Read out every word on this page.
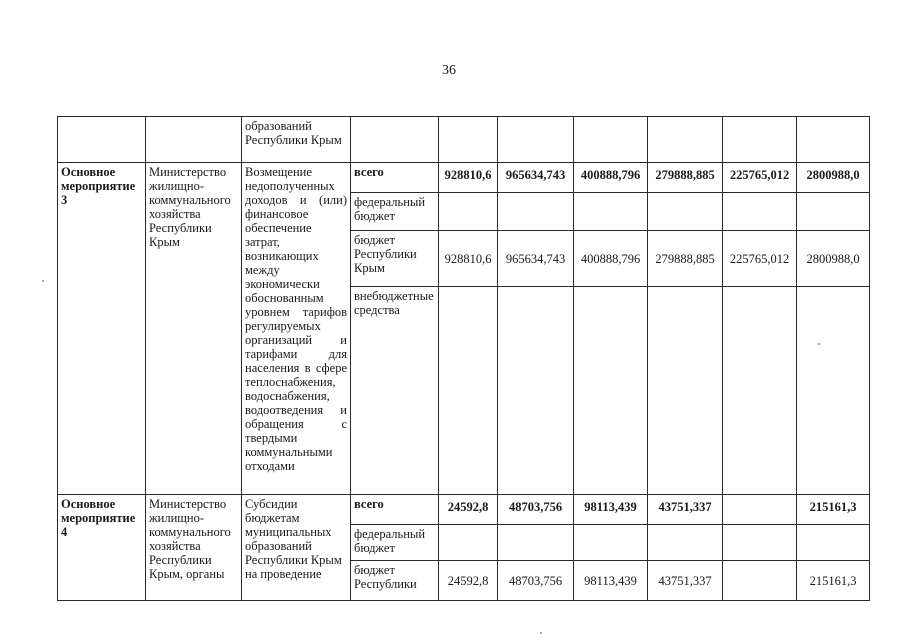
36
		образований Республики Крым							
Основное мероприятие 3	Министерство жилищно-коммунального хозяйства Республики Крым	Возмещение недополученных доходов и (или) финансовое обеспечение затрат, возникающих между экономически обоснованным уровнем тарифов регулируемых организаций и тарифами для населения в сфере теплоснабжения, водоснабжения, водоотведения и обращения с твердыми коммунальными отходами	всего	928810,6	965634,743	400888,796	279888,885	225765,012	2800988,0
			федеральный бюджет						
			бюджет Республики Крым	928810,6	965634,743	400888,796	279888,885	225765,012	2800988,0
			внебюджетные средства						
Основное мероприятие 4	Министерство жилищно-коммунального хозяйства Республики Крым, органы	Субсидии бюджетам муниципальных образований Республики Крым на проведение	всего	24592,8	48703,756	98113,439	43751,337		215161,3
			федеральный бюджет						
			бюджет Республики	24592,8	48703,756	98113,439	43751,337		215161,3
